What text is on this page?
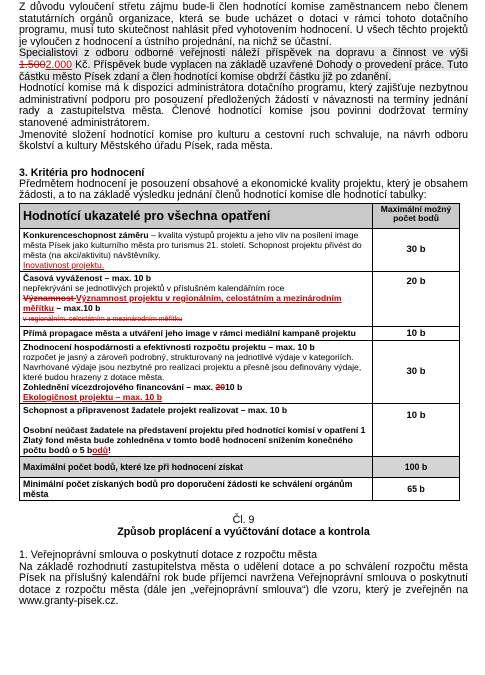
Z důvodu vyloučení střetu zájmu bude-li člen hodnotící komise zaměstnancem nebo členem statutárních orgánů organizace, která se bude ucházet o dotaci v rámci tohoto dotačního programu, musí tuto skutečnost nahlásit před vyhotovením hodnocení. U všech těchto projektů je vyloučen z hodnocení a ústního projednání, na nichž se účastní.

Specialistovi z odboru odborné veřejnosti náleží příspěvek na dopravu a činnost ve výši 1.5002.000 Kč. Příspěvek bude vyplacen na základě uzavřené Dohody o provedení práce. Tuto částku město Písek zdaní a člen hodnotící komise obdrží částku již po zdanění.

Hodnotící komise má k dispozici administrátora dotačního programu, který zajišťuje nezbytnou administrativní podporu pro posouzení předložených žádostí v návaznosti na termíny jednání rady a zastupitelstva města. Členové hodnotící komise jsou povinni dodržovat termíny stanovené administrátorem.

Jmenovité složení hodnotící komise pro kulturu a cestovní ruch schvaluje, na návrh odboru školství a kultury Městského úřadu Písek, rada města.

3. Kritéria pro hodnocení

Předmětem hodnocení je posouzení obsahové a ekonomické kvality projektu, který je obsahem žádosti, a to na základě výsledku jednání členů hodnotící komise dle hodnotící tabulky:

Hodnotící ukazatelé pro všechna opatření	Maximální možný počet bodů
Konkurenceschopnost záměru – kvalita výstupů projektu a jeho vliv na posílení image města Písek jako kulturního města pro turismus 21. století. Schopnost projektu přivést do města (na akci/aktivitu) návštěvníky.
Inovativnost projektu.	30 b
Časová vyváženost – max. 10 b
nepřekrývání se jednotlivých projektů v příslušném kalendářním roce
Významnost Významnost projektu v regionálním, celostátním a mezinárodním měřítku – max.10 b
v regionálním, celostátním a mezinárodním měřítku	20 b
Přímá propagace města a utváření jeho image v rámci mediální kampaně projektu	10 b
Zhodnocení hospodárnosti a efektivnosti rozpočtu projektu – max. 10 b
rozpočet je jasný a zároveň podrobný, strukturovaný na jednotlivé výdaje v kategoriích. Navrhované výdaje jsou nezbytné pro realizaci projektu a přesně jsou definovány výdaje, které budou hrazeny z dotace města.
Zohlednění vícezdrojového financování – max. 2010 b
Ekologičnost projektu – max. 10 b	30 b
Schopnost a připravenost žadatele projekt realizovat – max. 10 b

Osobní neúčast žadatele na představení projektu před hodnotící komisí v opatření 1 Zlatý fond města bude zohledněna v tomto bodě hodnocení snížením konečného počtu bodů o 5 bodů!	10 b
Maximální počet bodů, které lze při hodnocení získat	100 b
Minimální počet získaných bodů pro doporučení žádosti ke schválení orgánům města	65 b

Čl. 9

Způsob proplácení a vyúčtování dotace a kontrola

1. Veřejnoprávní smlouva o poskytnutí dotace z rozpočtu města

Na základě rozhodnutí zastupitelstva města o udělení dotace a po schválení rozpočtu města Písek na příslušný kalendářní rok bude příjemci navržena Veřejnoprávní smlouva o poskytnutí dotace z rozpočtu města (dále jen „veřejnoprávní smlouva“) dle vzoru, který je zveřejněn na www.granty-pisek.cz.
